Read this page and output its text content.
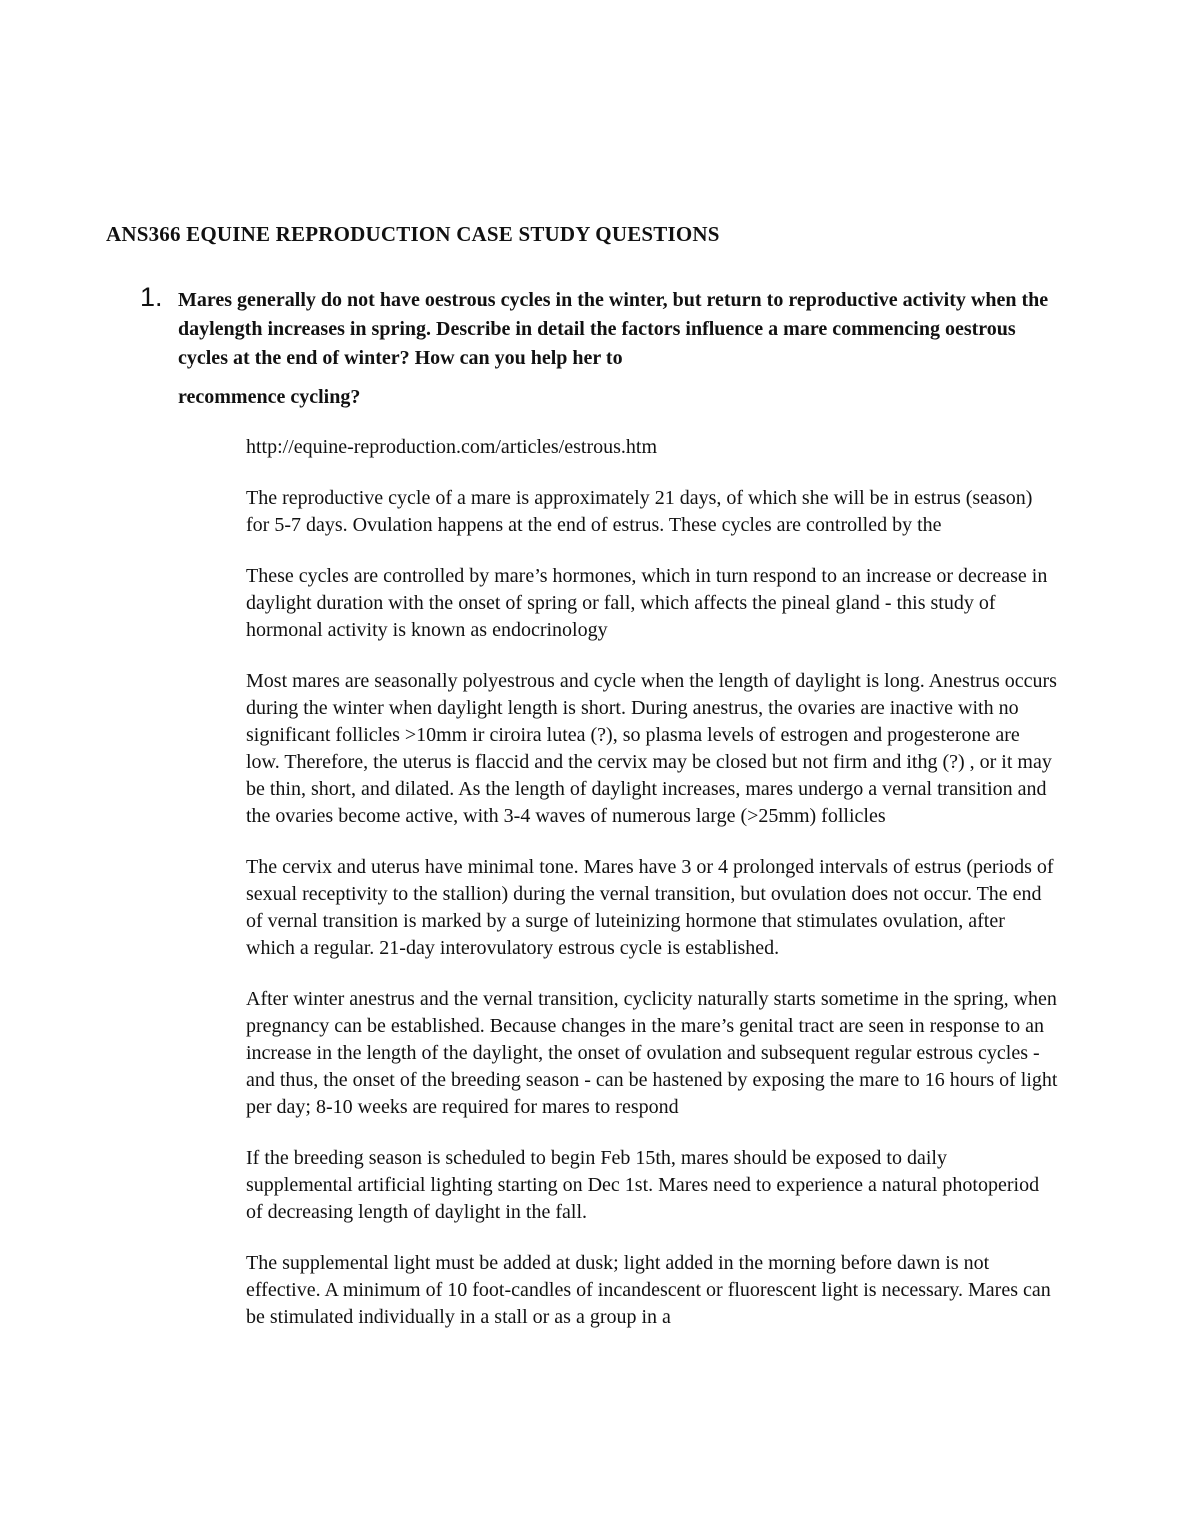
ANS366 EQUINE REPRODUCTION CASE STUDY QUESTIONS
1. Mares generally do not have oestrous cycles in the winter, but return to reproductive activity when the daylength increases in spring. Describe in detail the factors influence a mare commencing oestrous cycles at the end of winter? How can you help her to
recommence cycling?

http://equine-reproduction.com/articles/estrous.htm

The reproductive cycle of a mare is approximately 21 days, of which she will be in estrus (season) for 5-7 days. Ovulation happens at the end of estrus. These cycles are controlled by the

These cycles are controlled by mare’s hormones, which in turn respond to an increase or decrease in daylight duration with the onset of spring or fall, which affects the pineal gland - this study of hormonal activity is known as endocrinology

Most mares are seasonally polyestrous and cycle when the length of daylight is long. Anestrus occurs during the winter when daylight length is short. During anestrus, the ovaries are inactive with no significant follicles >10mm ir ciroira lutea (?), so plasma levels of estrogen and progesterone are low. Therefore, the uterus is flaccid and the cervix may be closed but not firm and ithg (?) , or it may be thin, short, and dilated. As the length of daylight increases, mares undergo a vernal transition and the ovaries become active, with 3-4 waves of numerous large (>25mm) follicles

The cervix and uterus have minimal tone. Mares have 3 or 4 prolonged intervals of estrus (periods of sexual receptivity to the stallion) during the vernal transition, but ovulation does not occur. The end of vernal transition is marked by a surge of luteinizing hormone that stimulates ovulation, after which a regular. 21-day interovulatory estrous cycle is established.

After winter anestrus and the vernal transition, cyclicity naturally starts sometime in the spring, when pregnancy can be established. Because changes in the mare’s genital tract are seen in response to an increase in the length of the daylight, the onset of ovulation and subsequent regular estrous cycles - and thus, the onset of the breeding season - can be hastened by exposing the mare to 16 hours of light per day; 8-10 weeks are required for mares to respond

If the breeding season is scheduled to begin Feb 15th, mares should be exposed to daily supplemental artificial lighting starting on Dec 1st. Mares need to experience a natural photoperiod of decreasing length of daylight in the fall.

The supplemental light must be added at dusk; light added in the morning before dawn is not effective. A minimum of 10 foot-candles of incandescent or fluorescent light is necessary. Mares can be stimulated individually in a stall or as a group in a
